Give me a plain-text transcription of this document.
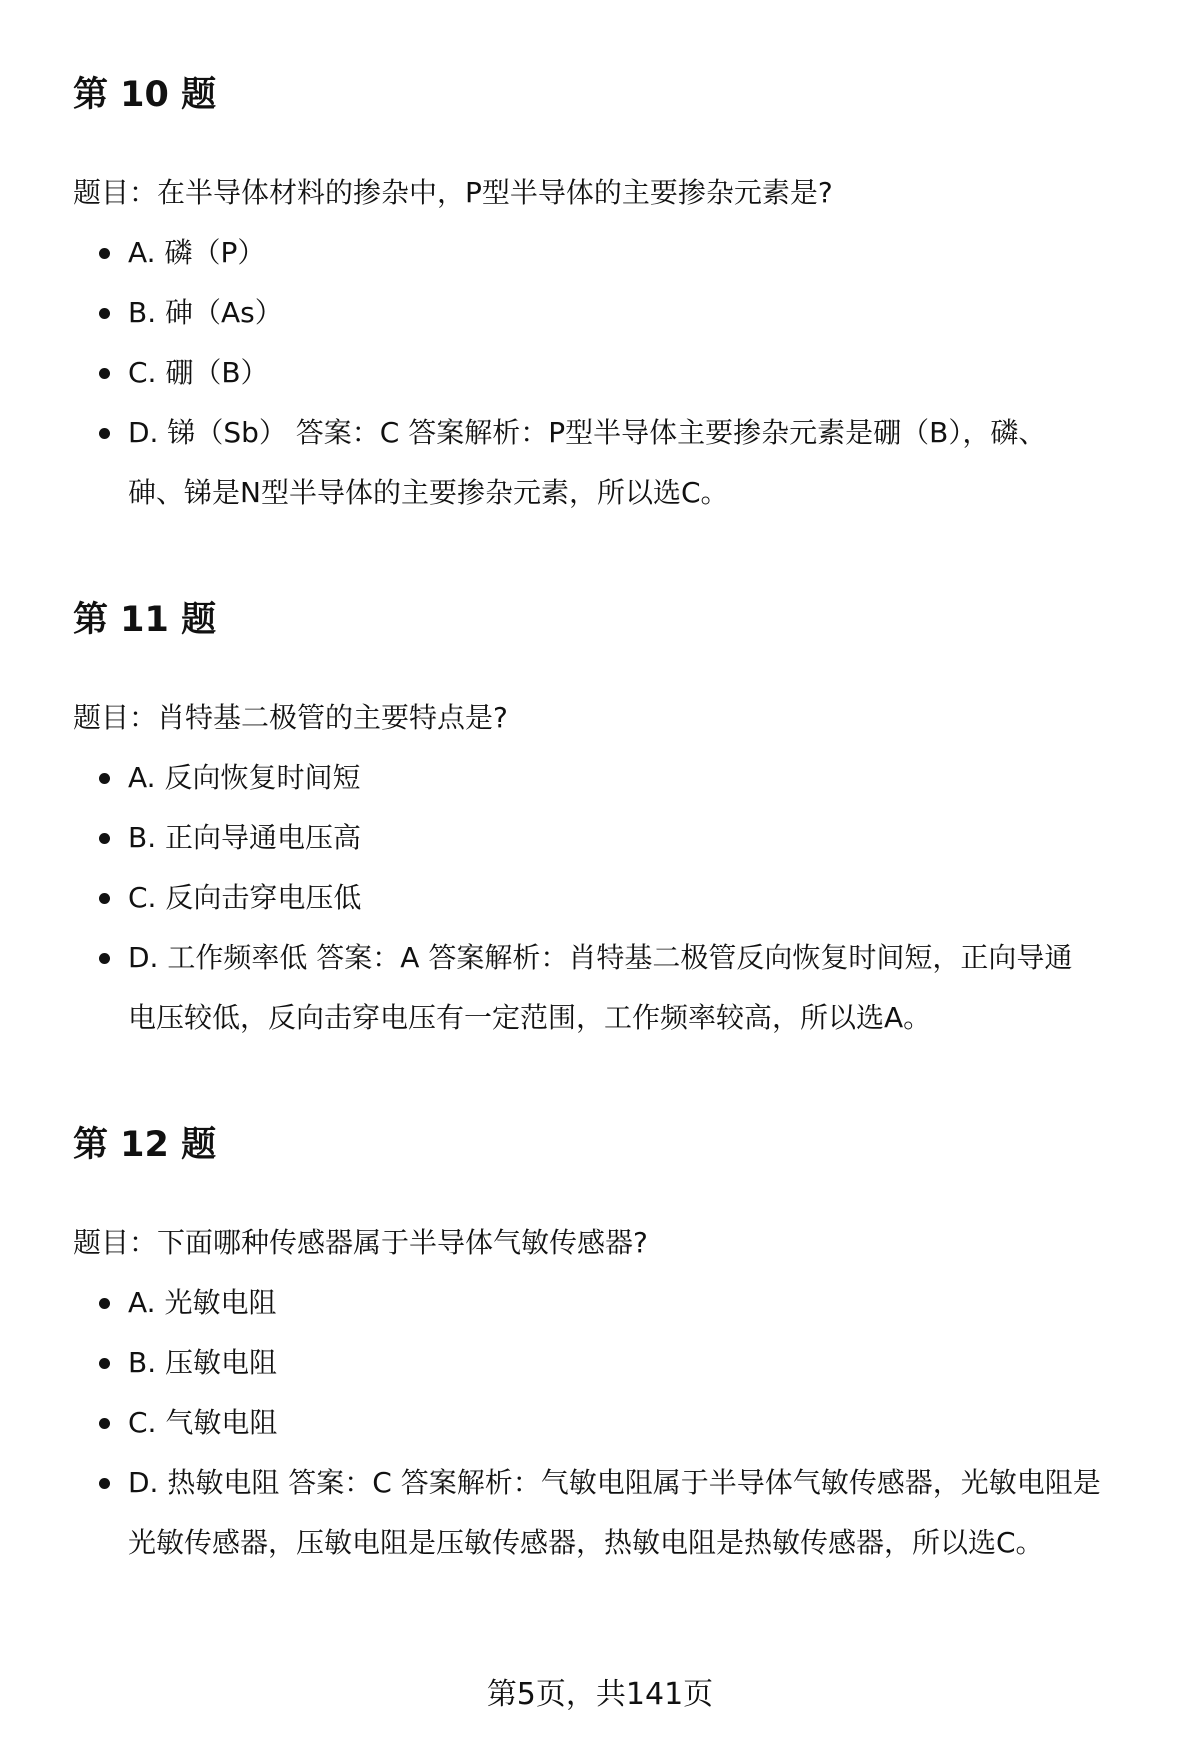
第 10 题

题目：在半导体材料的掺杂中，P型半导体的主要掺杂元素是?

A. 磷（P）
B. 砷（As）
C. 硼（B）
D. 锑（Sb） 答案：C 答案解析：P型半导体主要掺杂元素是硼（B），磷、
砷、锑是N型半导体的主要掺杂元素，所以选C。
第 11 题

题目：肖特基二极管的主要特点是?

A. 反向恢复时间短
B. 正向导通电压高
C. 反向击穿电压低
D. 工作频率低 答案：A 答案解析：肖特基二极管反向恢复时间短，正向导通
电压较低，反向击穿电压有一定范围，工作频率较高，所以选A。
第 12 题

题目：下面哪种传感器属于半导体气敏传感器?

A. 光敏电阻
B. 压敏电阻
C. 气敏电阻
D. 热敏电阻 答案：C 答案解析：气敏电阻属于半导体气敏传感器，光敏电阻是
光敏传感器，压敏电阻是压敏传感器，热敏电阻是热敏传感器，所以选C。
第5页，共141页
